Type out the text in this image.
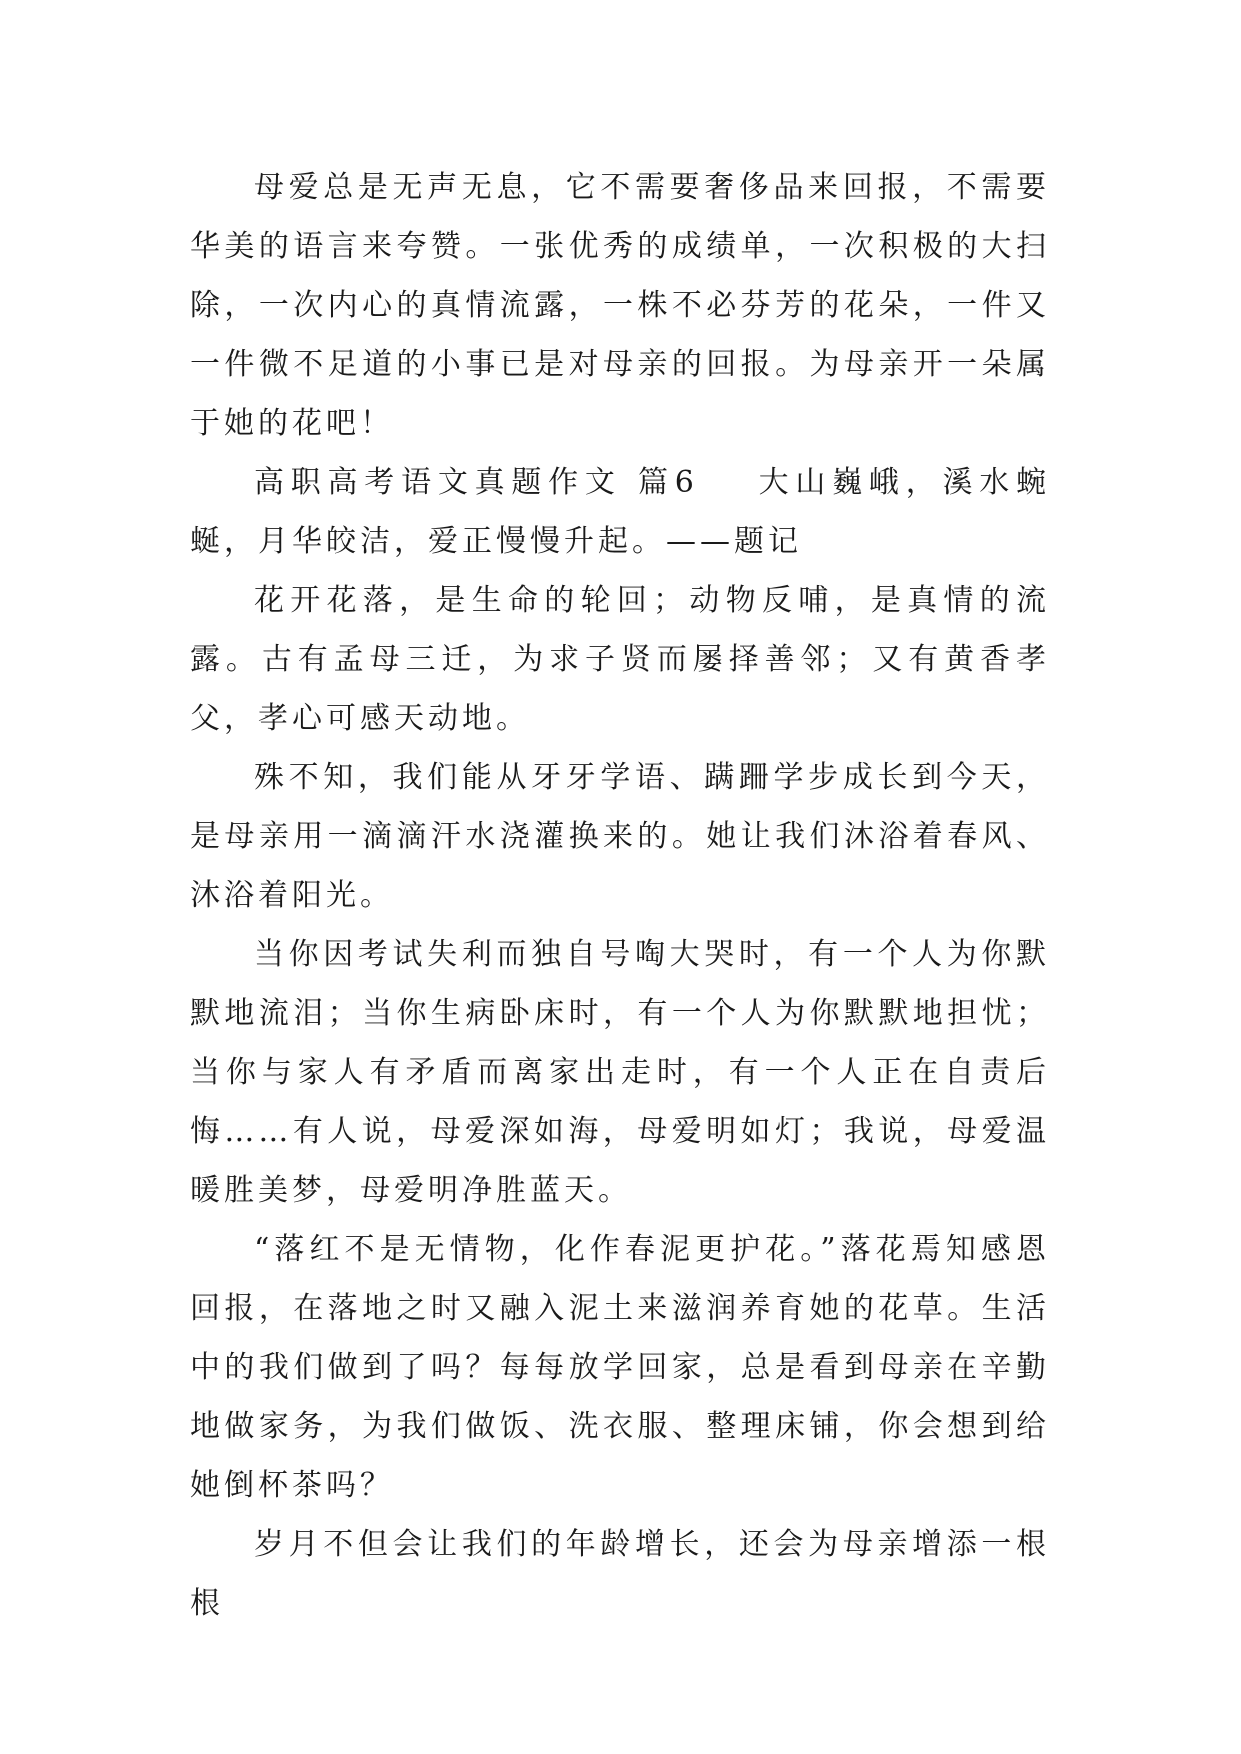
母爱总是无声无息，它不需要奢侈品来回报，不需要华美的语言来夸赞。一张优秀的成绩单，一次积极的大扫除，一次内心的真情流露，一株不必芬芳的花朵，一件又一件微不足道的小事已是对母亲的回报。为母亲开一朵属于她的花吧！

高职高考语文真题作文 篇6 大山巍峨，溪水蜿蜒，月华皎洁，爱正慢慢升起。——题记

花开花落，是生命的轮回；动物反哺，是真情的流露。古有孟母三迁，为求子贤而屡择善邻；又有黄香孝父，孝心可感天动地。

殊不知，我们能从牙牙学语、蹒跚学步成长到今天，是母亲用一滴滴汗水浇灌换来的。她让我们沐浴着春风、沐浴着阳光。

当你因考试失利而独自号啕大哭时，有一个人为你默默地流泪；当你生病卧床时，有一个人为你默默地担忧；当你与家人有矛盾而离家出走时，有一个人正在自责后悔……有人说，母爱深如海，母爱明如灯；我说，母爱温暖胜美梦，母爱明净胜蓝天。

“落红不是无情物，化作春泥更护花。”落花焉知感恩回报，在落地之时又融入泥土来滋润养育她的花草。生活中的我们做到了吗？每每放学回家，总是看到母亲在辛勤地做家务，为我们做饭、洗衣服、整理床铺，你会想到给她倒杯茶吗？

岁月不但会让我们的年龄增长，还会为母亲增添一根根
